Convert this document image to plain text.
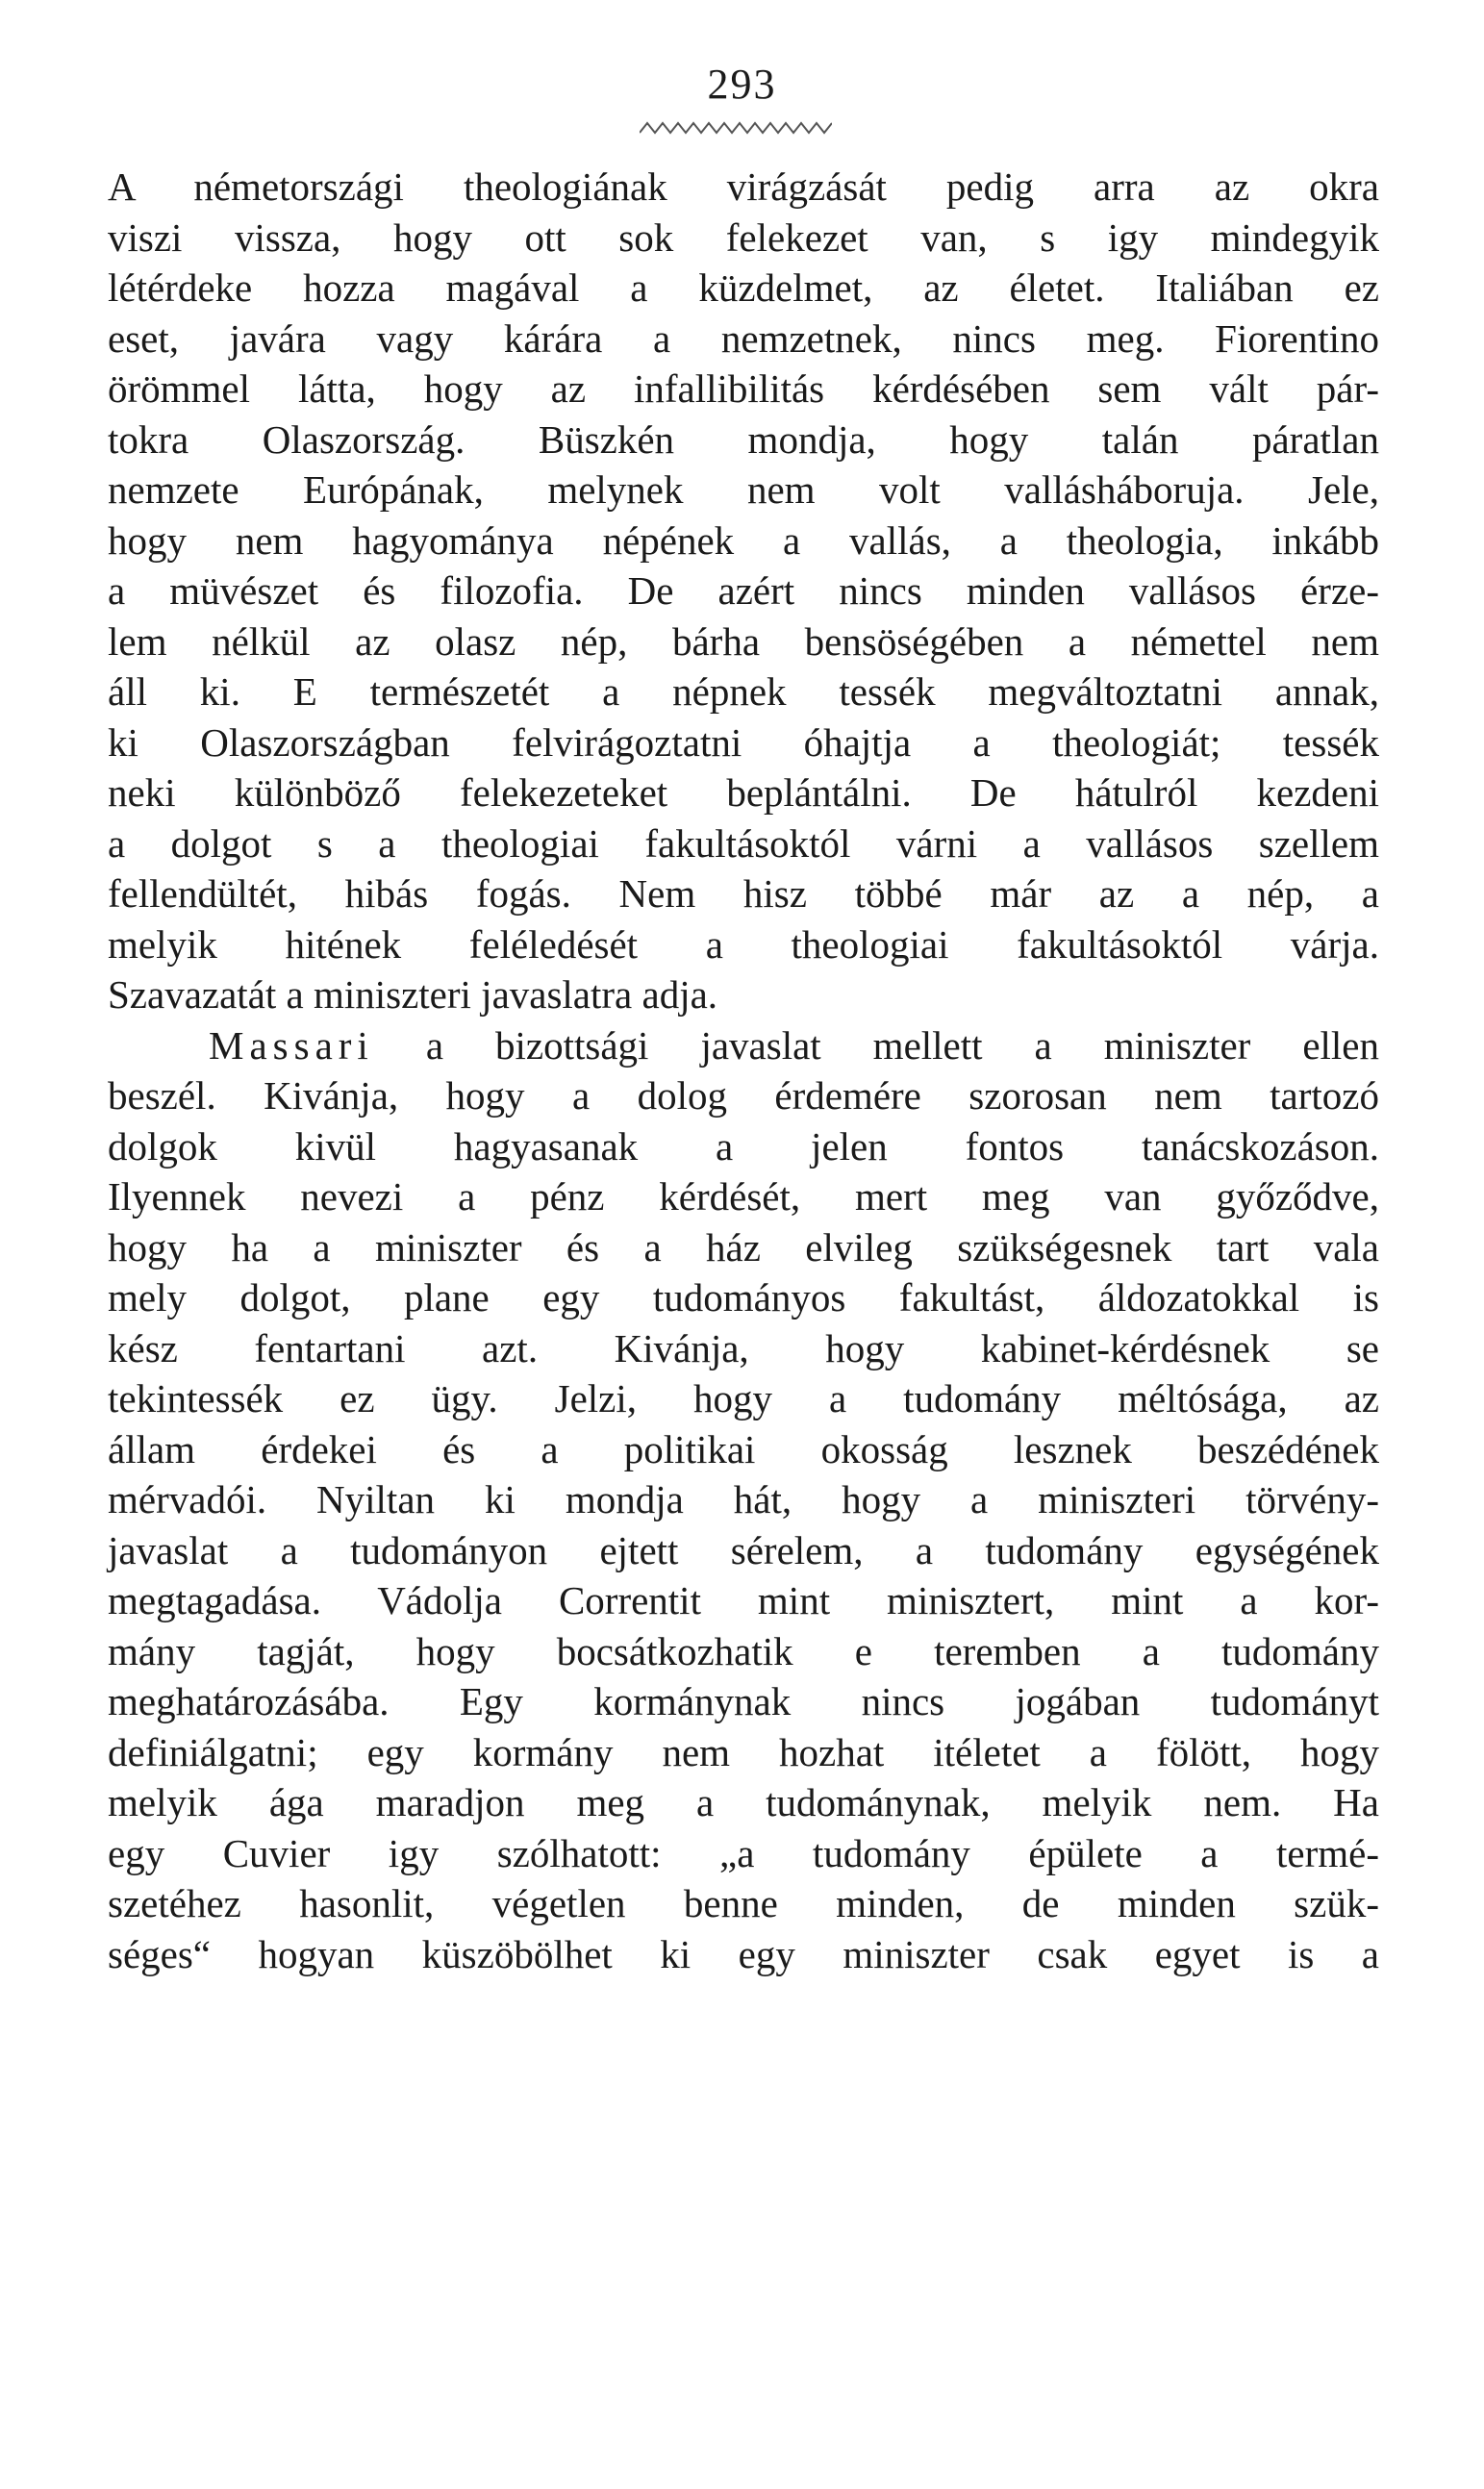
293
A németországi theologiának virágzását pedig arra az okra
viszi vissza, hogy ott sok felekezet van, s igy mindegyik
létérdeke hozza magával a küzdelmet, az életet. Italiában ez
eset, javára vagy kárára a nemzetnek, nincs meg. Fiorentino
örömmel látta, hogy az infallibilitás kérdésében sem vált pár-
tokra Olaszország. Büszkén mondja, hogy talán páratlan
nemzete Európának, melynek nem volt vallásháboruja. Jele,
hogy nem hagyománya népének a vallás, a theologia, inkább
a müvészet és filozofia. De azért nincs minden vallásos érze-
lem nélkül az olasz nép, bárha bensöségében a némettel nem
áll ki. E természetét a népnek tessék megváltoztatni annak,
ki Olaszországban felvirágoztatni óhajtja a theologiát; tessék
neki különböző felekezeteket beplántálni. De hátulról kezdeni
a dolgot s a theologiai fakultásoktól várni a vallásos szellem
fellendültét, hibás fogás. Nem hisz többé már az a nép, a
melyik hitének feléledését a theologiai fakultásoktól várja.
Szavazatát a miniszteri javaslatra adja.
Massari a bizottsági javaslat mellett a miniszter ellen
beszél. Kivánja, hogy a dolog érdemére szorosan nem tartozó
dolgok kivül hagyasanak a jelen fontos tanácskozáson.
Ilyennek nevezi a pénz kérdését, mert meg van győződve,
hogy ha a miniszter és a ház elvileg szükségesnek tart vala
mely dolgot, plane egy tudományos fakultást, áldozatokkal is
kész fentartani azt. Kivánja, hogy kabinet-kérdésnek se
tekintessék ez ügy. Jelzi, hogy a tudomány méltósága, az
állam érdekei és a politikai okosság lesznek beszédének
mérvadói. Nyiltan ki mondja hát, hogy a miniszteri törvény-
javaslat a tudományon ejtett sérelem, a tudomány egységének
megtagadása. Vádolja Correntit mint minisztert, mint a kor-
mány tagját, hogy bocsátkozhatik e teremben a tudomány
meghatározásába. Egy kormánynak nincs jogában tudományt
definiálgatni; egy kormány nem hozhat itéletet a fölött, hogy
melyik ága maradjon meg a tudománynak, melyik nem. Ha
egy Cuvier igy szólhatott: „a tudomány épülete a termé-
szetéhez hasonlit, végetlen benne minden, de minden szük-
séges“ hogyan küszöbölhet ki egy miniszter csak egyet is a
